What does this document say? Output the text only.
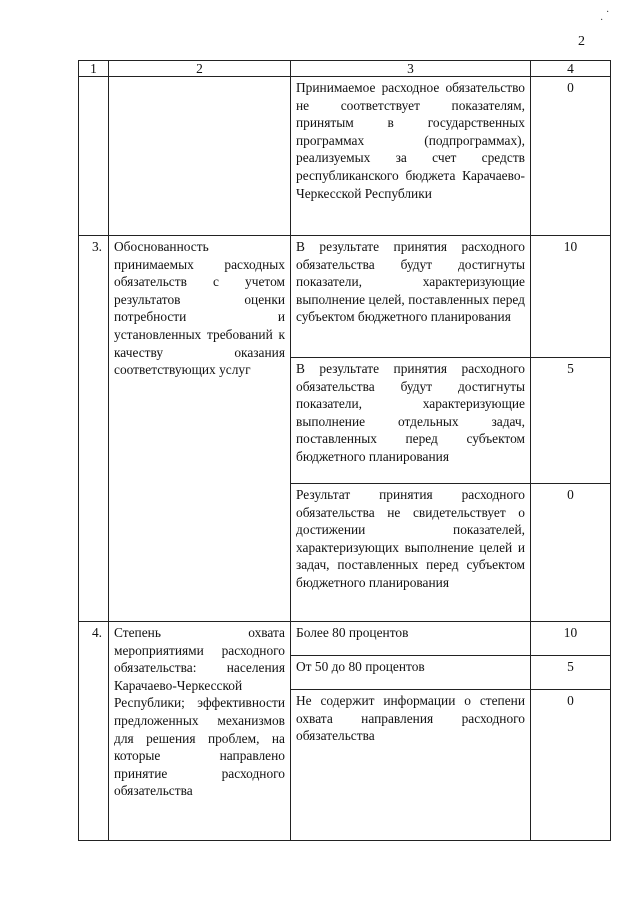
2
·
·
1	2	3	4
		Принимаемое расходное обязательство не соответствует показателям, принятым в государственных программах (подпрограммах), реализуемых за счет средств республиканского бюджета Карачаево-Черкесской Республики	0
3.	Обоснованность принимаемых расходных обязательств с учетом результатов оценки потребности и установленных требований к качеству оказания соответствующих услуг	В результате принятия расходного обязательства будут достигнуты показатели, характеризующие выполнение целей, поставленных перед субъектом бюджетного планирования	10
		В результате принятия расходного обязательства будут достигнуты показатели, характеризующие выполнение отдельных задач, поставленных перед субъектом бюджетного планирования	5
		Результат принятия расходного обязательства не свидетельствует о достижении показателей, характеризующих выполнение целей и задач, поставленных перед субъектом бюджетного планирования	0
4.	Степень охвата мероприятиями расходного обязательства: населения Карачаево-Черкесской Республики; эффективности предложенных механизмов для решения проблем, на которые направлено принятие расходного обязательства	Более 80 процентов	10
		От 50 до 80 процентов	5
		Не содержит информации о степени охвата направления расходного обязательства	0
